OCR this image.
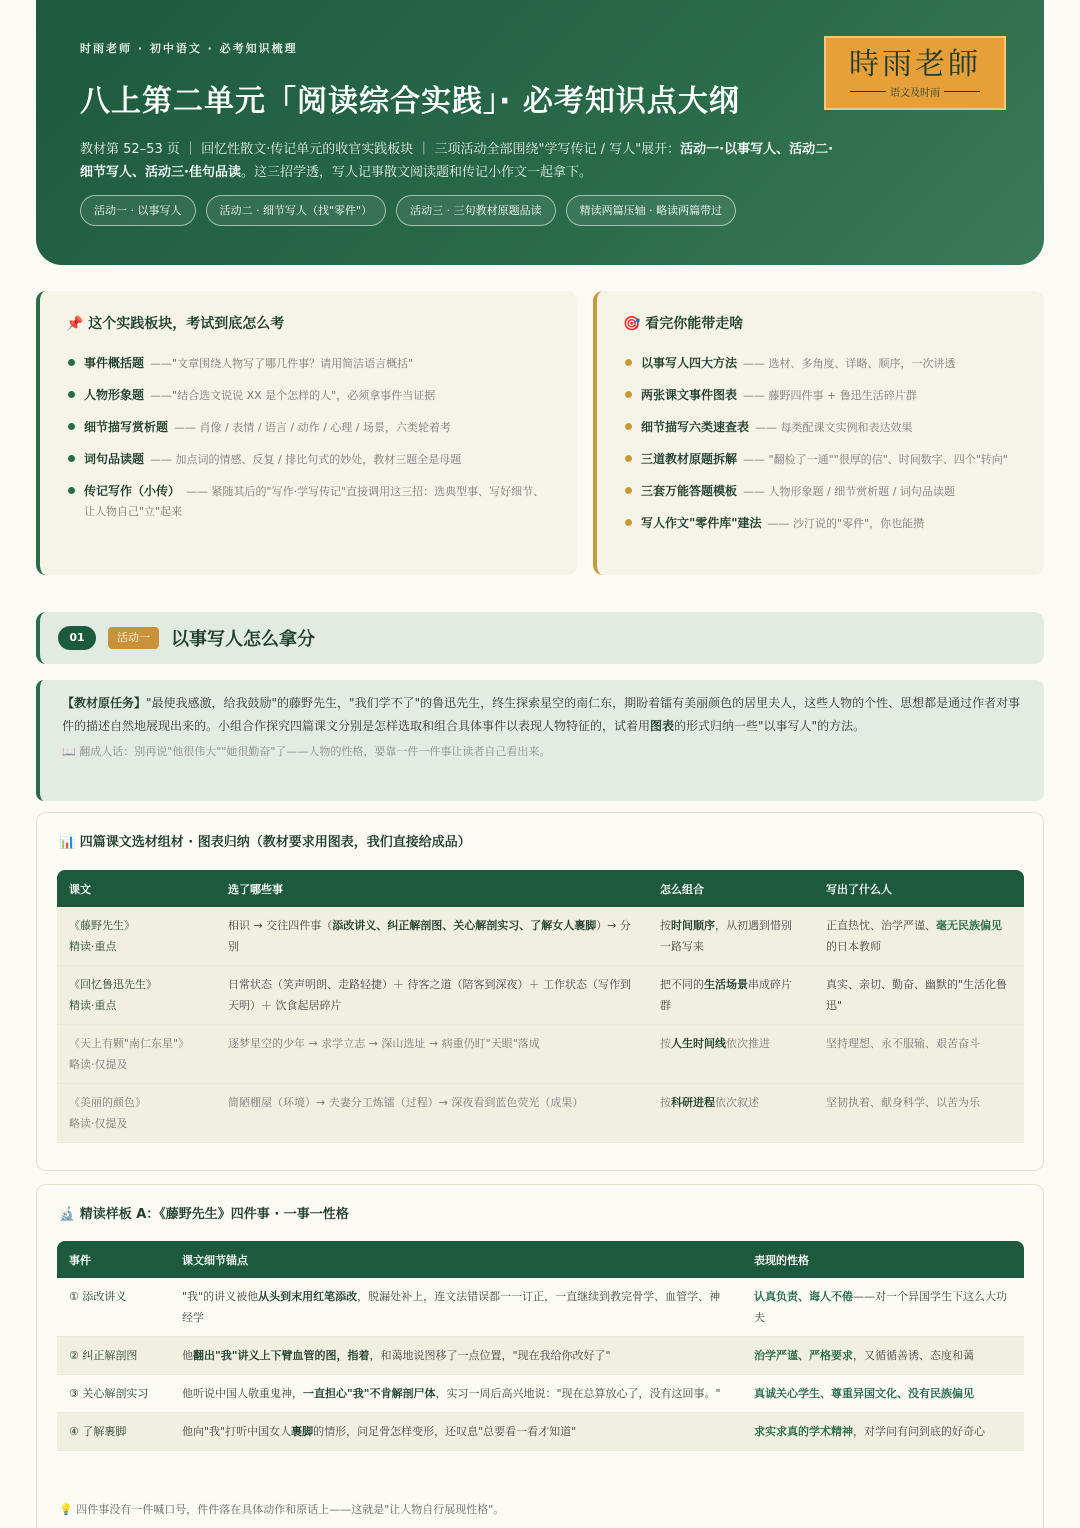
时雨老师 · 初中语文 · 必考知识梳理
八上第二单元「阅读综合实践」· 必考知识点大纲
教材第 52–53 页 ｜ 回忆性散文·传记单元的收官实践板块 ｜ 三项活动全部围绕"学写传记 / 写人"展开：活动一·以事写人、活动二·细节写人、活动三·佳句品读。这三招学透，写人记事散文阅读题和传记小作文一起拿下。
活动一 · 以事写人	活动二 · 细节写人（找"零件"）	活动三 · 三句教材原题品读	精读两篇压轴 · 略读两篇带过
時雨老師
语文及时雨
📌 这个实践板块，考试到底怎么考
事件概括题 ——"文章围绕人物写了哪几件事？请用简洁语言概括"
人物形象题 ——"结合选文说说 XX 是个怎样的人"，必须拿事件当证据
细节描写赏析题 —— 肖像 / 表情 / 语言 / 动作 / 心理 / 场景，六类轮着考
词句品读题 —— 加点词的情感、反复 / 排比句式的妙处，教材三题全是母题
传记写作（小传） —— 紧随其后的"写作·学写传记"直接调用这三招：选典型事、写好细节、让人物自己"立"起来
🎯 看完你能带走啥
以事写人四大方法 —— 选材、多角度、详略、顺序，一次讲透
两张课文事件图表 —— 藤野四件事 + 鲁迅生活碎片群
细节描写六类速查表 —— 每类配课文实例和表达效果
三道教材原题拆解 —— "翻检了一通""很厚的信"、时间数字、四个"转向"
三套万能答题模板 —— 人物形象题 / 细节赏析题 / 词句品读题
写人作文"零件库"建法 —— 沙汀说的"零件"，你也能攒
01	活动一	以事写人怎么拿分
【教材原任务】"最使我感激，给我鼓励"的藤野先生，"我们学不了"的鲁迅先生，终生探索星空的南仁东，期盼着镭有美丽颜色的居里夫人，这些人物的个性、思想都是通过作者对事件的描述自然地展现出来的。小组合作探究四篇课文分别是怎样选取和组合具体事件以表现人物特征的，试着用图表的形式归纳一些"以事写人"的方法。
📖 翻成人话：别再说"他很伟大""她很勤奋"了——人物的性格，要靠一件一件事让读者自己看出来。
📊 四篇课文选材组材 · 图表归纳（教材要求用图表，我们直接给成品）
课文	选了哪些事	怎么组合	写出了什么人

《藤野先生》
精读·重点	相识 → 交往四件事（添改讲义、纠正解剖图、关心解剖实习、了解女人裹脚）→ 分别	按时间顺序，从初遇到惜别一路写来	正直热忱、治学严谨、毫无民族偏见的日本教师

《回忆鲁迅先生》
精读·重点	日常状态（笑声明朗、走路轻捷）＋ 待客之道（陪客到深夜）＋ 工作状态（写作到天明）＋ 饮食起居碎片	把不同的生活场景串成碎片群	真实、亲切、勤奋、幽默的"生活化鲁迅"

《天上有颗"南仁东星"》
略读·仅提及	逐梦星空的少年 → 求学立志 → 深山选址 → 病重仍盯"天眼"落成	按人生时间线依次推进	坚持理想、永不服输、艰苦奋斗

《美丽的颜色》
略读·仅提及	简陋棚屋（环境）→ 夫妻分工炼镭（过程）→ 深夜看到蓝色荧光（成果）	按科研进程依次叙述	坚韧执着、献身科学、以苦为乐
🔬 精读样板 A：《藤野先生》四件事 · 一事一性格
事件	课文细节锚点	表现的性格
① 添改讲义	"我"的讲义被他从头到末用红笔添改，脱漏处补上，连文法错误都一一订正，一直继续到教完骨学、血管学、神经学	认真负责、诲人不倦——对一个异国学生下这么大功夫
② 纠正解剖图	他翻出"我"讲义上下臂血管的图，指着，和蔼地说图移了一点位置，"现在我给你改好了"	治学严谨、严格要求，又循循善诱、态度和蔼
③ 关心解剖实习	他听说中国人敬重鬼神，一直担心"我"不肯解剖尸体，实习一周后高兴地说："现在总算放心了，没有这回事。"	真诚关心学生、尊重异国文化、没有民族偏见
④ 了解裹脚	他向"我"打听中国女人裹脚的情形，问足骨怎样变形，还叹息"总要看一看才知道"	求实求真的学术精神，对学问有问到底的好奇心
💡 四件事没有一件喊口号，件件落在具体动作和原话上——这就是"让人物自行展现性格"。
